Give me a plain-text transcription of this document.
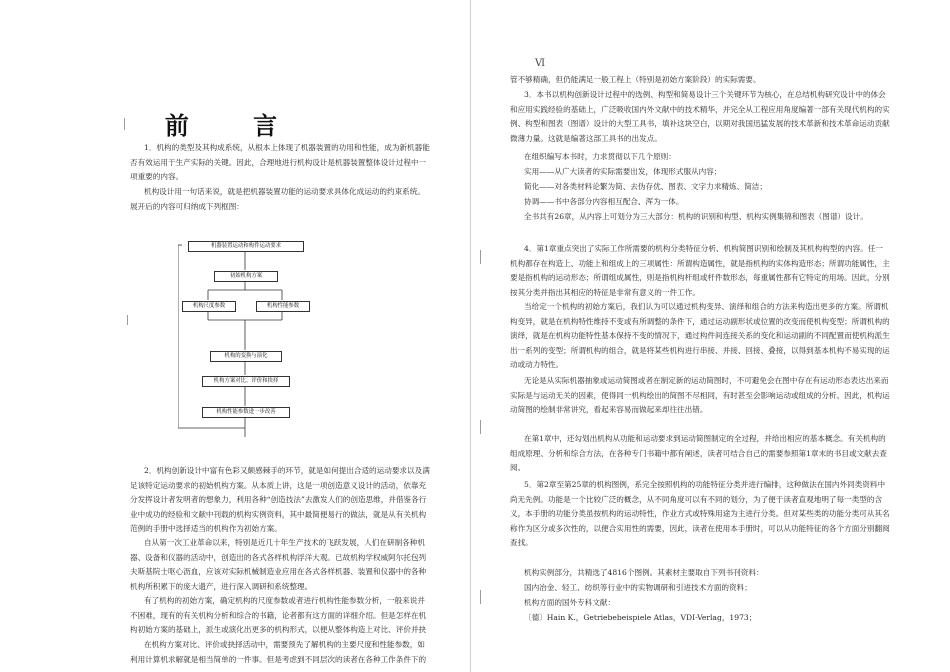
前 言
1．机构的类型及其构成系统，从根本上体现了机器装置的功用和性能，成为新机器能否有效运用于生产实际的关键。因此，合理地进行机构设计是机器装置整体设计过程中一项重要的内容。
机构设计用一句话来说，就是把机器装置功能的运动要求具体化成运动的约束系统。展开后的内容可归纳成下列框图：
机器装置运动和构件运动要求
初始机构方案
机构尺度参数	机构性能参数
机构的变换与演化
机构方案对比、评价和抉择
机构性能参数进一步改善
2．机构创新设计中富有色彩又颇感棘手的环节，就是如何提出合适的运动要求以及满足该特定运动要求的初始机构方案。从本质上讲，这是一项创造意义设计的活动，依靠充分发挥设计者发明者的想象力，利用各种“创造技法”去激发人们的创造思维，并借鉴各行业中成功的经验和文献中刊载的机构实例资料，其中最简便易行的做法，就是从有关机构范例的手册中选择适当的机构作为初始方案。
自从第一次工业革命以来，特别是近几十年生产技术的飞跃发展，人们在研制各种机器、设备和仪器的活动中，创造出的各式各样机构浮洋大观。已故机构学权威阿尔托包列夫斯基院士呕心沥血，应该对实际机械制造业应用在各式各样机器、装置和仪器中的各种机构所积累下的庞大遗产，进行深入调研和系统整理。
有了机构的初始方案，确定机构的尺度参数或者进行机构性能参数分析，一般来说并不困难，现有的有关机构分析和综合的书籍，论者都有这方面的详细介绍。但是怎样在机构初始方案的基础上，派生或演化出更多的机构形式，以便从整体构造上对比、评价并抉
在机构方案对比、评价或抉择活动中，需要预先了解机构的主要尺度和性能参数，如利用计算机求解就是相当简单的一件事。但是考虑到不同层次的读者在各种工作条件下的
Ⅵ
管不够精确，但仍能满足一般工程上（特别是初始方案阶段）的实际需要。
3．本书以机构创新设计过程中的选例、构型和简易设计三个关键环节为核心，在总结机构研究设计中的体会和应用实践经验的基础上，广泛吸收国内外文献中的技术精华，并完全从工程应用角度编著一部有关现代机构的实例、构型和图表（图谱）设计的大型工具书，填补这块空白，以期对我国迅猛发展的技术革新和技术革命运动贡献微薄力量。这就是编著这部工具书的出发点。
在组织编写本书时，力求贯彻以下几个原则：
实用——从广大读者的实际需要出发，体现形式服从内容；
简化——对各类材料论繁为简、去伪存优、图表、文字力求精炼、简洁；
协调——书中各部分内容相互配合、浑为一体。
全书共有26章，从内容上可划分为三大部分：机构的识别和构型、机构实例集锦和图表（图谱）设计。
4．第1章重点突出了实际工作所需要的机构分类特征分析、机构简图识别和绘制及其机构构型的内容。任一机构都存在构造上、功能上和组成上的三项属性：所谓构造属性，就是指机构的实体构造形态；所谓功能属性，主要是指机构的运动形态；所谓组成属性，则是指机构杆组或杆件数形态，每重属性都有它特定的用场。因此，分别按其分类并指出其相应的特征是非常有意义的一件工作。
当给定一个机构的初始方案后，我们认为可以通过机构变异、演绎和组合的方法来构造出更多的方案。所谓机构变异，就是在机构特性维持不变或有所调整的条件下，通过运动副形状或位置的改变而使机构变型；所谓机构的演绎，就是在机构功能特性基本保持不变的情况下，通过构件间连接关系的变化和运动副的不同配置而使机构派生出一系列的变型；所谓机构的组合，就是将某些机构进行串接、并接、回接、叠接，以得到基本机构不易实现的运动或动力特性。
无论是从实际机器抽象或运动简图或者在制定新的运动简图时，不可避免会在图中存在有运动形态表达出来而实际是与运动无关的因素，使得同一机构绘出的简图不尽相同，有时甚至会影响运动或组成的分析。因此，机构运动简图的绘制非常讲究，看起来容易而做起来却往往出错。
在第1章中，还勾划出机构从功能和运动要求到运动简图制定的全过程，并给出相应的基本概念。有关机构的组成原理、分析和综合方法，在各种专门书籍中都有阐述，读者可结合自己的需要参照第1章末的书目或文献去查阅。
5．第2章至第25章的机构图例，系完全按照机构的功能特征分类并进行编排，这种做法在国内外同类资料中尚无先例。功能是一个比较广泛的概念，从不同角度可以有不同的划分，为了便于读者直观地明了每一类型的含义，本手册的功能分类虽按机构的运动特性，作业方式或特殊用途为主进行分类。但对某些类的功能分类可从其名称作为区分或多次性的，以便合实用性的需要，因此，读者在使用本手册时，可以从功能特征的各个方面分别翻阅查找。
机构实例部分，共精选了4816个图例。其素材主要取自下列书刊资料：
国内冶金、轻工、纺织等行业中的实物调研和引进技术方面的资料；
机构方面的国外专科文献：
〔德〕Hain K.，Getriebebeispiele Atlas，VDI-Verlag，1973；
